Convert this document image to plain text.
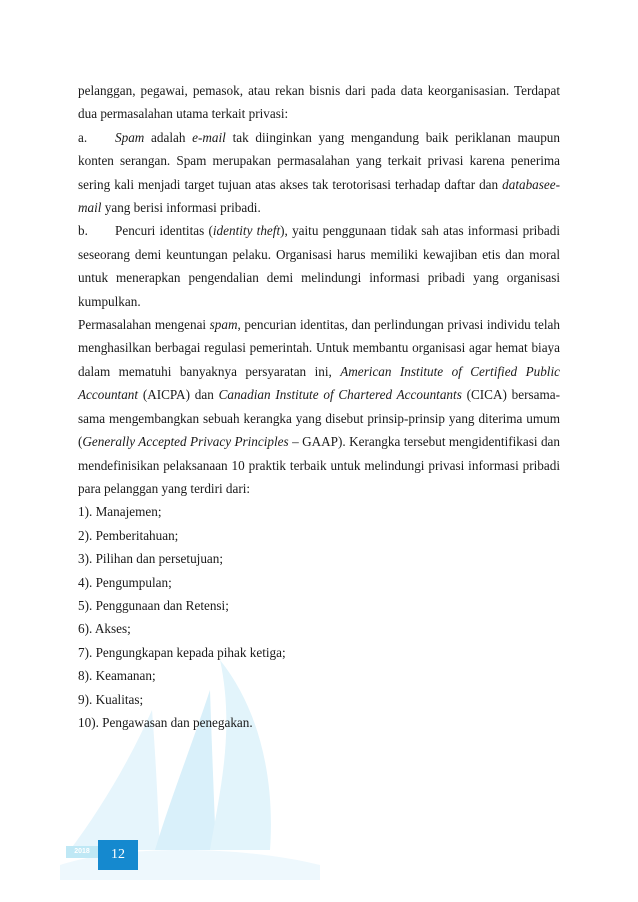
pelanggan, pegawai, pemasok, atau rekan bisnis dari pada data keorganisasian. Terdapat dua permasalahan utama terkait privasi:

a. Spam adalah e-mail tak diinginkan yang mengandung baik periklanan maupun konten serangan. Spam merupakan permasalahan yang terkait privasi karena penerima sering kali menjadi target tujuan atas akses tak terotorisasi terhadap daftar dan databasee-mail yang berisi informasi pribadi.

b. Pencuri identitas (identity theft), yaitu penggunaan tidak sah atas informasi pribadi seseorang demi keuntungan pelaku. Organisasi harus memiliki kewajiban etis dan moral untuk menerapkan pengendalian demi melindungi informasi pribadi yang organisasi kumpulkan.

Permasalahan mengenai spam, pencurian identitas, dan perlindungan privasi individu telah menghasilkan berbagai regulasi pemerintah. Untuk membantu organisasi agar hemat biaya dalam mematuhi banyaknya persyaratan ini, American Institute of Certified Public Accountant (AICPA) dan Canadian Institute of Chartered Accountants (CICA) bersama-sama mengembangkan sebuah kerangka yang disebut prinsip-prinsip yang diterima umum (Generally Accepted Privacy Principles – GAAP). Kerangka tersebut mengidentifikasi dan mendefinisikan pelaksanaan 10 praktik terbaik untuk melindungi privasi informasi pribadi para pelanggan yang terdiri dari:

1). Manajemen;

2). Pemberitahuan;

3). Pilihan dan persetujuan;

4). Pengumpulan;

5). Penggunaan dan Retensi;

6). Akses;

7). Pengungkapan kepada pihak ketiga;

8). Keamanan;

9). Kualitas;

10). Pengawasan dan penegakan.

2018	12
